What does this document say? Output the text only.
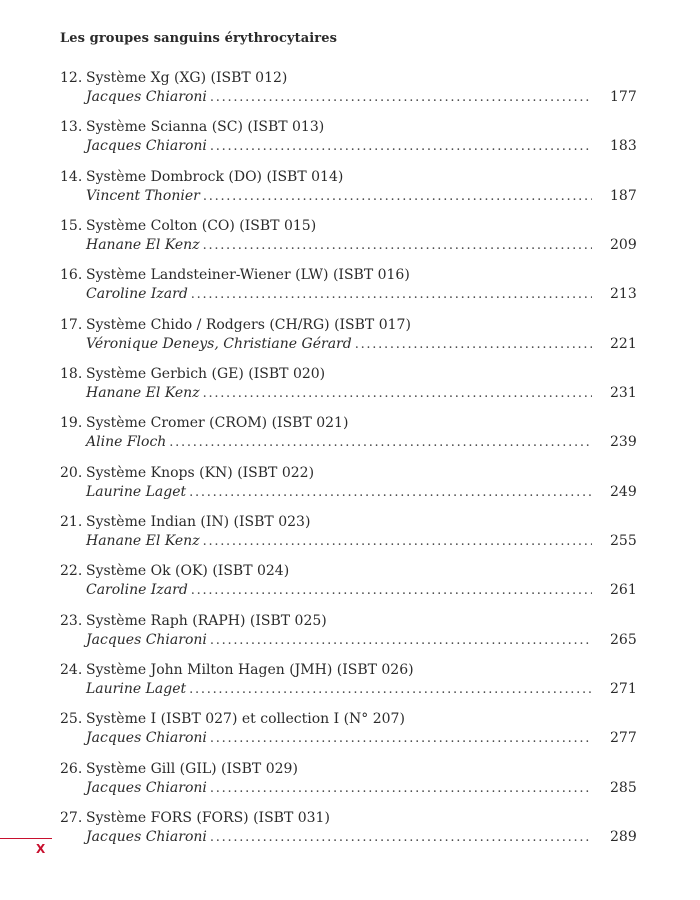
Les groupes sanguins érythrocytaires
12. Système Xg (XG) (ISBT 012)
Jacques Chiaroni . . .	177
13. Système Scianna (SC) (ISBT 013)
Jacques Chiaroni . . .	183
14. Système Dombrock (DO) (ISBT 014)
Vincent Thonier . . .	187
15. Système Colton (CO) (ISBT 015)
Hanane El Kenz . . .	209
16. Système Landsteiner-Wiener (LW) (ISBT 016)
Caroline Izard . . .	213
17. Système Chido / Rodgers (CH/RG) (ISBT 017)
Véronique Deneys, Christiane Gérard . . .	221
18. Système Gerbich (GE) (ISBT 020)
Hanane El Kenz . . .	231
19. Système Cromer (CROM) (ISBT 021)
Aline Floch . . .	239
20. Système Knops (KN) (ISBT 022)
Laurine Laget . . .	249
21. Système Indian (IN) (ISBT 023)
Hanane El Kenz . . .	255
22. Système Ok (OK) (ISBT 024)
Caroline Izard . . .	261
23. Système Raph (RAPH) (ISBT 025)
Jacques Chiaroni . . .	265
24. Système John Milton Hagen (JMH) (ISBT 026)
Laurine Laget . . .	271
25. Système I (ISBT 027) et collection I (N° 207)
Jacques Chiaroni . . .	277
26. Système Gill (GIL) (ISBT 029)
Jacques Chiaroni . . .	285
27. Système FORS (FORS) (ISBT 031)
Jacques Chiaroni . . .	289
X
